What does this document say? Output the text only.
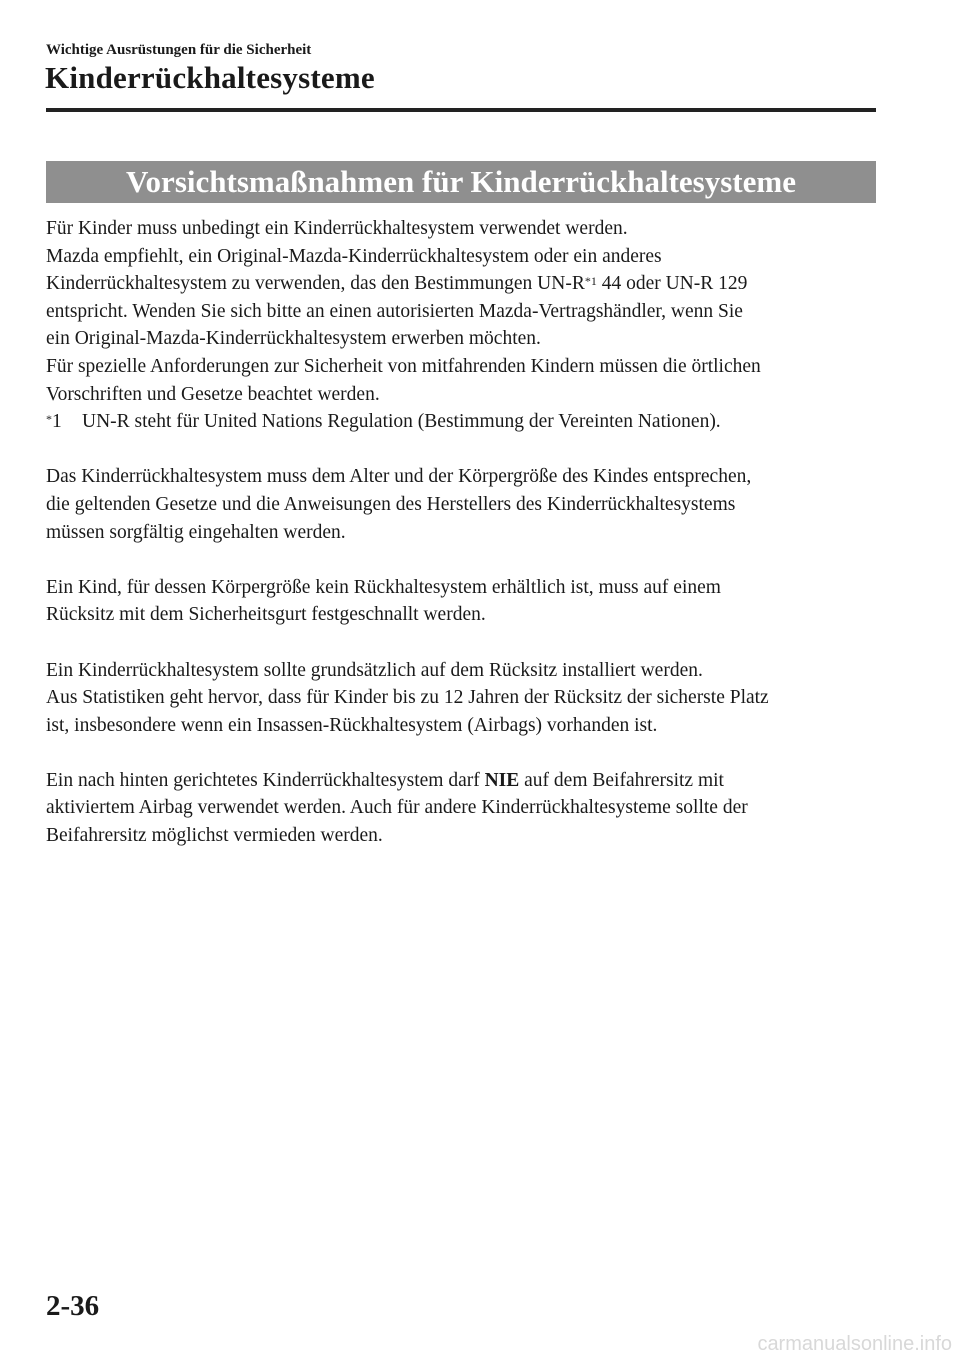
Wichtige Ausrüstungen für die Sicherheit
Kinderrückhaltesysteme
Vorsichtsmaßnahmen für Kinderrückhaltesysteme

Für Kinder muss unbedingt ein Kinderrückhaltesystem verwendet werden.

Mazda empfiehlt, ein Original-Mazda-Kinderrückhaltesystem oder ein anderes
Kinderrückhaltesystem zu verwenden, das den Bestimmungen $UN-R^{*1}$ 44 oder UN-R 129
entspricht. Wenden Sie sich bitte an einen autorisierten Mazda-Vertragshändler, wenn Sie
ein Original-Mazda-Kinderrückhaltesystem erwerben möchten.

Für spezielle Anforderungen zur Sicherheit von mitfahrenden Kindern müssen die örtlichen
Vorschriften und Gesetze beachtet werden.

*1 UN-R steht für United Nations Regulation (Bestimmung der Vereinten Nationen).

Das Kinderrückhaltesystem muss dem Alter und der Körpergröße des Kindes entsprechen,
die geltenden Gesetze und die Anweisungen des Herstellers des Kinderrückhaltesystems
müssen sorgfältig eingehalten werden.

Ein Kind, für dessen Körpergröße kein Rückhaltesystem erhältlich ist, muss auf einem
Rücksitz mit dem Sicherheitsgurt festgeschnallt werden.

Ein Kinderrückhaltesystem sollte grundsätzlich auf dem Rücksitz installiert werden.
Aus Statistiken geht hervor, dass für Kinder bis zu 12 Jahren der Rücksitz der sicherste Platz
ist, insbesondere wenn ein Insassen-Rückhaltesystem (Airbags) vorhanden ist.

Ein nach hinten gerichtetes Kinderrückhaltesystem darf NIE auf dem Beifahrersitz mit
aktiviertem Airbag verwendet werden. Auch für andere Kinderrückhaltesysteme sollte der
Beifahrersitz möglichst vermieden werden.

2-36
carmanualsonline.info
